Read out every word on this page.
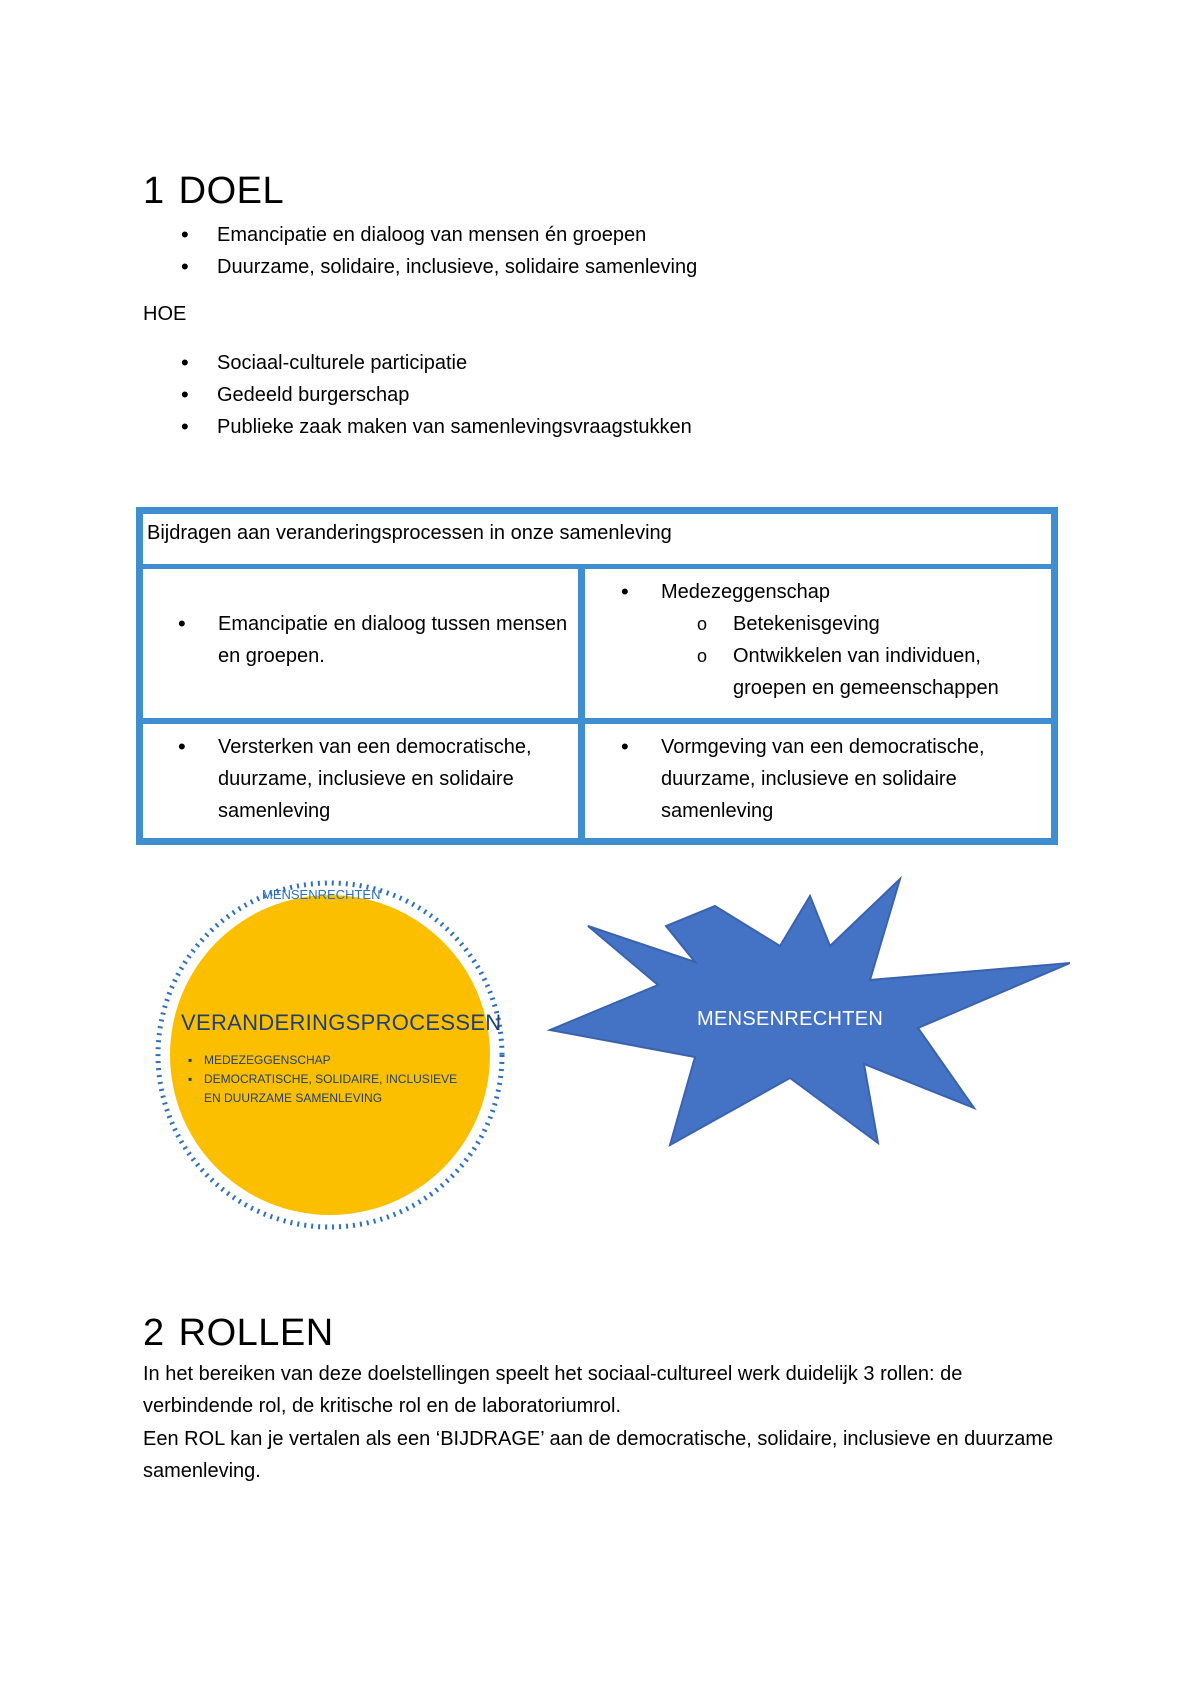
1 DOEL
• Emancipatie en dialoog van mensen én groepen
• Duurzame, solidaire, inclusieve, solidaire samenleving
HOE
• Sociaal-culturele participatie
• Gedeeld burgerschap
• Publieke zaak maken van samenlevingsvraagstukken
Bijdragen aan veranderingsprocessen in onze samenleving
• Emancipatie en dialoog tussen mensen en groepen.
• Medezeggenschap
o Betekenisgeving
o Ontwikkelen van individuen, groepen en gemeenschappen
• Versterken van een democratische, duurzame, inclusieve en solidaire samenleving
• Vormgeving van een democratische, duurzame, inclusieve en solidaire samenleving
MENSENRECHTEN
VERANDERINGSPROCESSEN
▪ MEDEZEGGENSCHAP
▪ DEMOCRATISCHE, SOLIDAIRE, INCLUSIEVE
EN DUURZAME SAMENLEVING
MENSENRECHTEN
2 ROLLEN
In het bereiken van deze doelstellingen speelt het sociaal-cultureel werk duidelijk 3 rollen: de verbindende rol, de kritische rol en de laboratoriumrol.
Een ROL kan je vertalen als een ‘BIJDRAGE’ aan de democratische, solidaire, inclusieve en duurzame samenleving.
